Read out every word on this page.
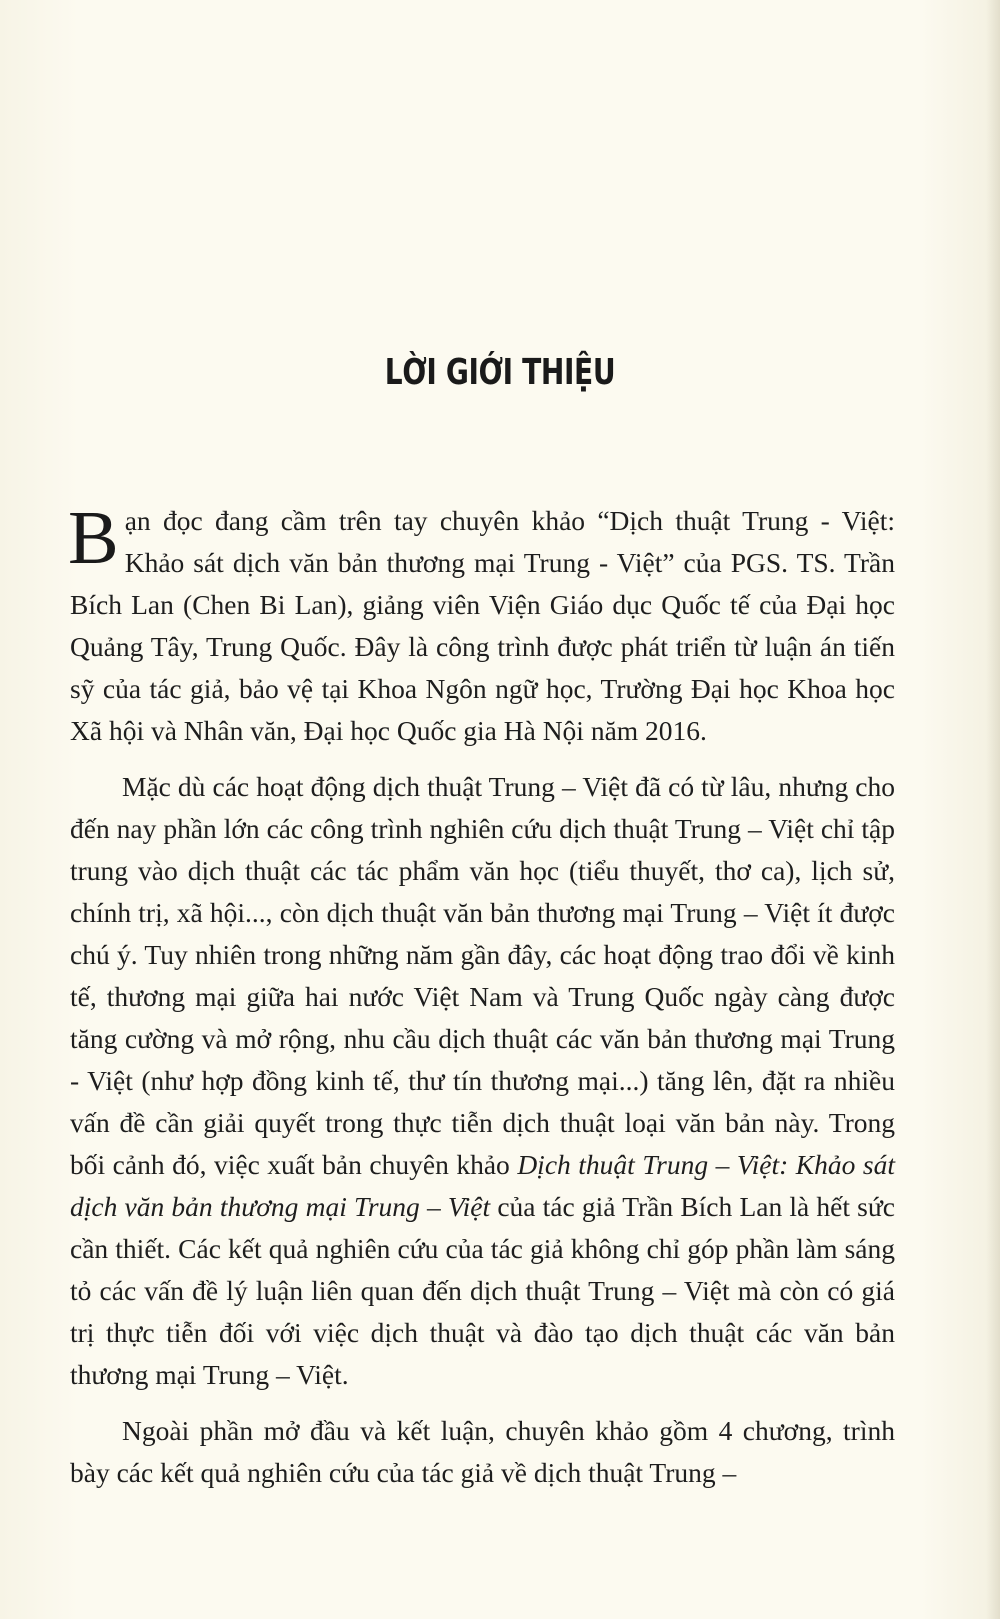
LỜI GIỚI THIỆU

Bạn đọc đang cầm trên tay chuyên khảo “Dịch thuật Trung - Việt: Khảo sát dịch văn bản thương mại Trung - Việt” của PGS. TS. Trần Bích Lan (Chen Bi Lan), giảng viên Viện Giáo dục Quốc tế của Đại học Quảng Tây, Trung Quốc. Đây là công trình được phát triển từ luận án tiến sỹ của tác giả, bảo vệ tại Khoa Ngôn ngữ học, Trường Đại học Khoa học Xã hội và Nhân văn, Đại học Quốc gia Hà Nội năm 2016.

Mặc dù các hoạt động dịch thuật Trung – Việt đã có từ lâu, nhưng cho đến nay phần lớn các công trình nghiên cứu dịch thuật Trung – Việt chỉ tập trung vào dịch thuật các tác phẩm văn học (tiểu thuyết, thơ ca), lịch sử, chính trị, xã hội..., còn dịch thuật văn bản thương mại Trung – Việt ít được chú ý. Tuy nhiên trong những năm gần đây, các hoạt động trao đổi về kinh tế, thương mại giữa hai nước Việt Nam và Trung Quốc ngày càng được tăng cường và mở rộng, nhu cầu dịch thuật các văn bản thương mại Trung - Việt (như hợp đồng kinh tế, thư tín thương mại...) tăng lên, đặt ra nhiều vấn đề cần giải quyết trong thực tiễn dịch thuật loại văn bản này. Trong bối cảnh đó, việc xuất bản chuyên khảo Dịch thuật Trung – Việt: Khảo sát dịch văn bản thương mại Trung – Việt của tác giả Trần Bích Lan là hết sức cần thiết. Các kết quả nghiên cứu của tác giả không chỉ góp phần làm sáng tỏ các vấn đề lý luận liên quan đến dịch thuật Trung – Việt mà còn có giá trị thực tiễn đối với việc dịch thuật và đào tạo dịch thuật các văn bản thương mại Trung – Việt.

Ngoài phần mở đầu và kết luận, chuyên khảo gồm 4 chương, trình bày các kết quả nghiên cứu của tác giả về dịch thuật Trung –
